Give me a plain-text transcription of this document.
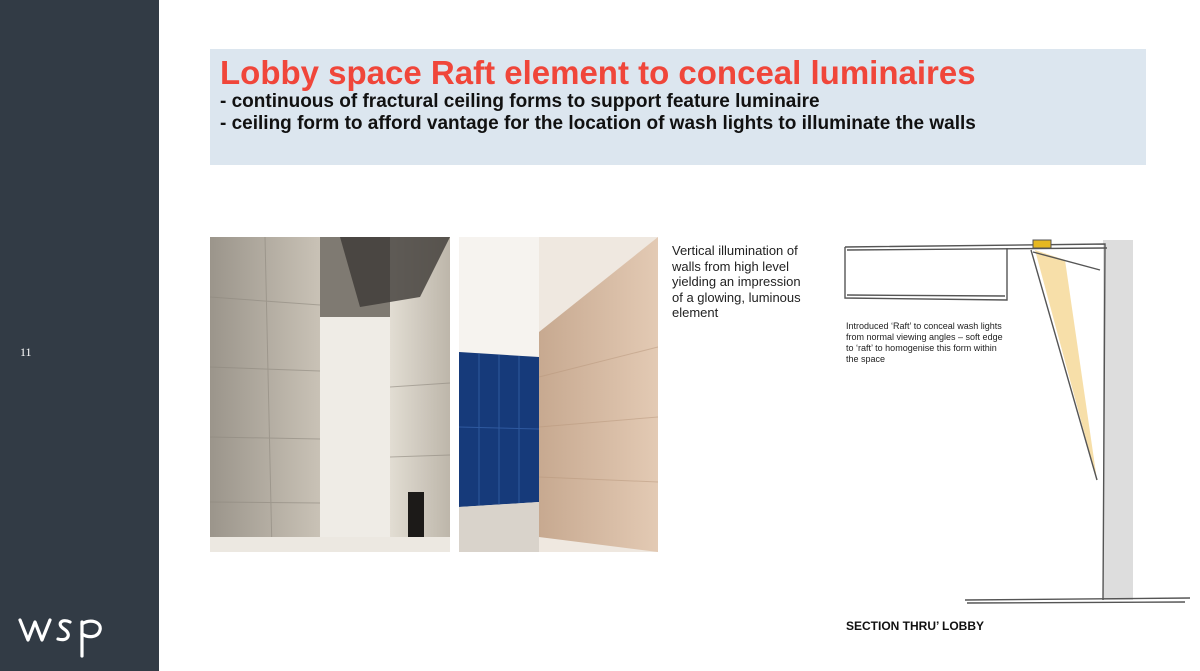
11

Lobby space Raft element to conceal luminaires

- continuous of fractural ceiling forms to support feature luminaire

- ceiling form to afford vantage for the location of wash lights to illuminate the walls

Vertical illumination of walls from high level yielding an impression of a glowing, luminous element
Introduced ‘Raft’ to conceal wash lights from normal viewing angles – soft edge to ‘raft’ to homogenise this form within the space
SECTION THRU’ LOBBY
